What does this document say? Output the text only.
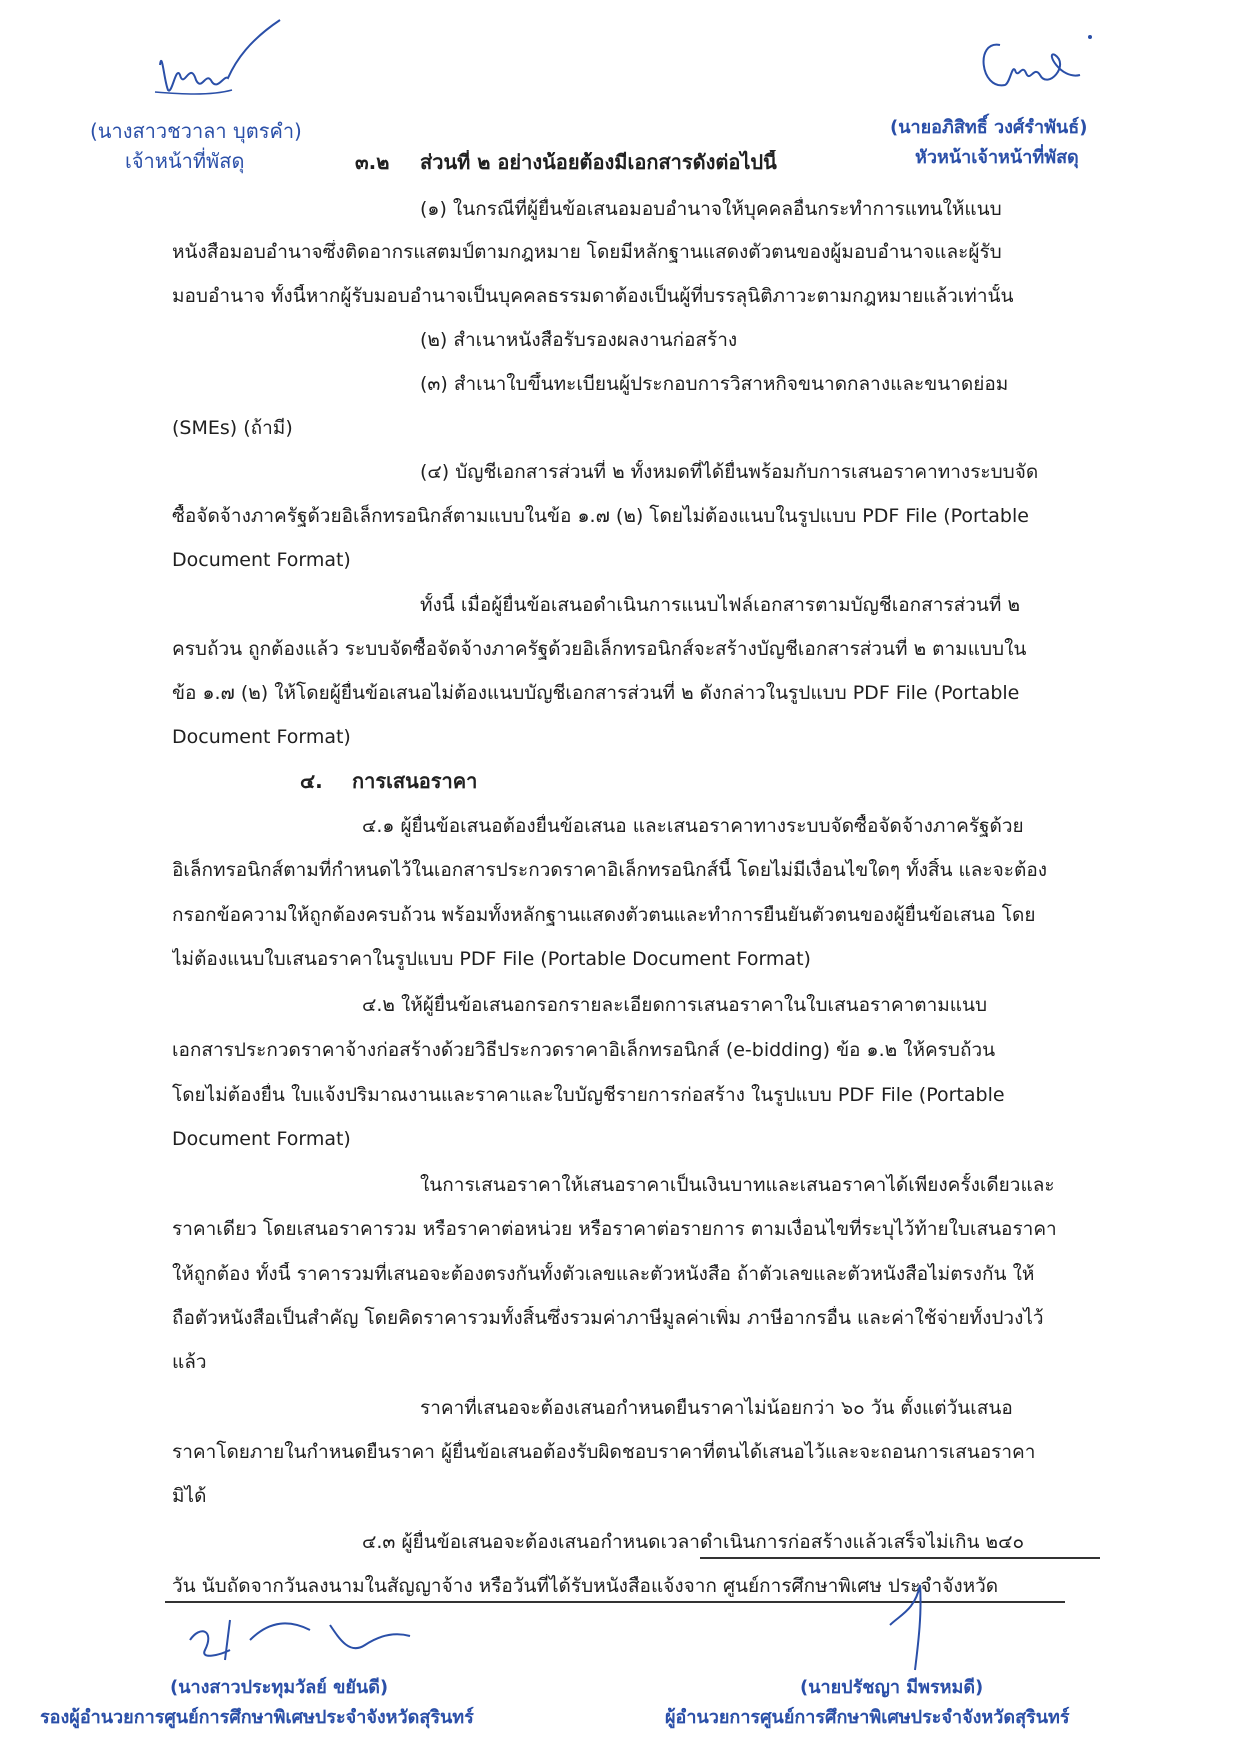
(นางสาวชวาลา บุตรคำ)
เจ้าหน้าที่พัสดุ
(นายอภิสิทธิ์ วงศ์รำพันธ์)
หัวหน้าเจ้าหน้าที่พัสดุ
๓.๒ ส่วนที่ ๒ อย่างน้อยต้องมีเอกสารดังต่อไปนี้
(๑) ในกรณีที่ผู้ยื่นข้อเสนอมอบอำนาจให้บุคคลอื่นกระทำการแทนให้แนบ
หนังสือมอบอำนาจซึ่งติดอากรแสตมป์ตามกฎหมาย โดยมีหลักฐานแสดงตัวตนของผู้มอบอำนาจและผู้รับ
มอบอำนาจ ทั้งนี้หากผู้รับมอบอำนาจเป็นบุคคลธรรมดาต้องเป็นผู้ที่บรรลุนิติภาวะตามกฎหมายแล้วเท่านั้น
(๒) สำเนาหนังสือรับรองผลงานก่อสร้าง
(๓) สำเนาใบขึ้นทะเบียนผู้ประกอบการวิสาหกิจขนาดกลางและขนาดย่อม
(SMEs) (ถ้ามี)
(๔) บัญชีเอกสารส่วนที่ ๒ ทั้งหมดที่ได้ยื่นพร้อมกับการเสนอราคาทางระบบจัด
ซื้อจัดจ้างภาครัฐด้วยอิเล็กทรอนิกส์ตามแบบในข้อ ๑.๗ (๒) โดยไม่ต้องแนบในรูปแบบ PDF File (Portable
Document Format)
ทั้งนี้ เมื่อผู้ยื่นข้อเสนอดำเนินการแนบไฟล์เอกสารตามบัญชีเอกสารส่วนที่ ๒
ครบถ้วน ถูกต้องแล้ว ระบบจัดซื้อจัดจ้างภาครัฐด้วยอิเล็กทรอนิกส์จะสร้างบัญชีเอกสารส่วนที่ ๒ ตามแบบใน
ข้อ ๑.๗ (๒) ให้โดยผู้ยื่นข้อเสนอไม่ต้องแนบบัญชีเอกสารส่วนที่ ๒ ดังกล่าวในรูปแบบ PDF File (Portable
Document Format)
๔. การเสนอราคา
๔.๑ ผู้ยื่นข้อเสนอต้องยื่นข้อเสนอ และเสนอราคาทางระบบจัดซื้อจัดจ้างภาครัฐด้วย
อิเล็กทรอนิกส์ตามที่กำหนดไว้ในเอกสารประกวดราคาอิเล็กทรอนิกส์นี้ โดยไม่มีเงื่อนไขใดๆ ทั้งสิ้น และจะต้อง
กรอกข้อความให้ถูกต้องครบถ้วน พร้อมทั้งหลักฐานแสดงตัวตนและทำการยืนยันตัวตนของผู้ยื่นข้อเสนอ โดย
ไม่ต้องแนบใบเสนอราคาในรูปแบบ PDF File (Portable Document Format)
๔.๒ ให้ผู้ยื่นข้อเสนอกรอกรายละเอียดการเสนอราคาในใบเสนอราคาตามแนบ
เอกสารประกวดราคาจ้างก่อสร้างด้วยวิธีประกวดราคาอิเล็กทรอนิกส์ (e-bidding) ข้อ ๑.๒ ให้ครบถ้วน
โดยไม่ต้องยื่น ใบแจ้งปริมาณงานและราคาและใบบัญชีรายการก่อสร้าง ในรูปแบบ PDF File (Portable
Document Format)
ในการเสนอราคาให้เสนอราคาเป็นเงินบาทและเสนอราคาได้เพียงครั้งเดียวและ
ราคาเดียว โดยเสนอราคารวม หรือราคาต่อหน่วย หรือราคาต่อรายการ ตามเงื่อนไขที่ระบุไว้ท้ายใบเสนอราคา
ให้ถูกต้อง ทั้งนี้ ราคารวมที่เสนอจะต้องตรงกันทั้งตัวเลขและตัวหนังสือ ถ้าตัวเลขและตัวหนังสือไม่ตรงกัน ให้
ถือตัวหนังสือเป็นสำคัญ โดยคิดราคารวมทั้งสิ้นซึ่งรวมค่าภาษีมูลค่าเพิ่ม ภาษีอากรอื่น และค่าใช้จ่ายทั้งปวงไว้
แล้ว
ราคาที่เสนอจะต้องเสนอกำหนดยืนราคาไม่น้อยกว่า ๖๐ วัน ตั้งแต่วันเสนอ
ราคาโดยภายในกำหนดยืนราคา ผู้ยื่นข้อเสนอต้องรับผิดชอบราคาที่ตนได้เสนอไว้และจะถอนการเสนอราคา
มิได้
๔.๓ ผู้ยื่นข้อเสนอจะต้องเสนอกำหนดเวลาดำเนินการก่อสร้างแล้วเสร็จไม่เกิน ๒๔๐
วัน นับถัดจากวันลงนามในสัญญาจ้าง หรือวันที่ได้รับหนังสือแจ้งจาก ศูนย์การศึกษาพิเศษ ประจำจังหวัด
(นางสาวประทุมวัลย์ ขยันดี)
รองผู้อำนวยการศูนย์การศึกษาพิเศษประจำจังหวัดสุรินทร์
(นายปรัชญา มีพรหมดี)
ผู้อำนวยการศูนย์การศึกษาพิเศษประจำจังหวัดสุรินทร์
